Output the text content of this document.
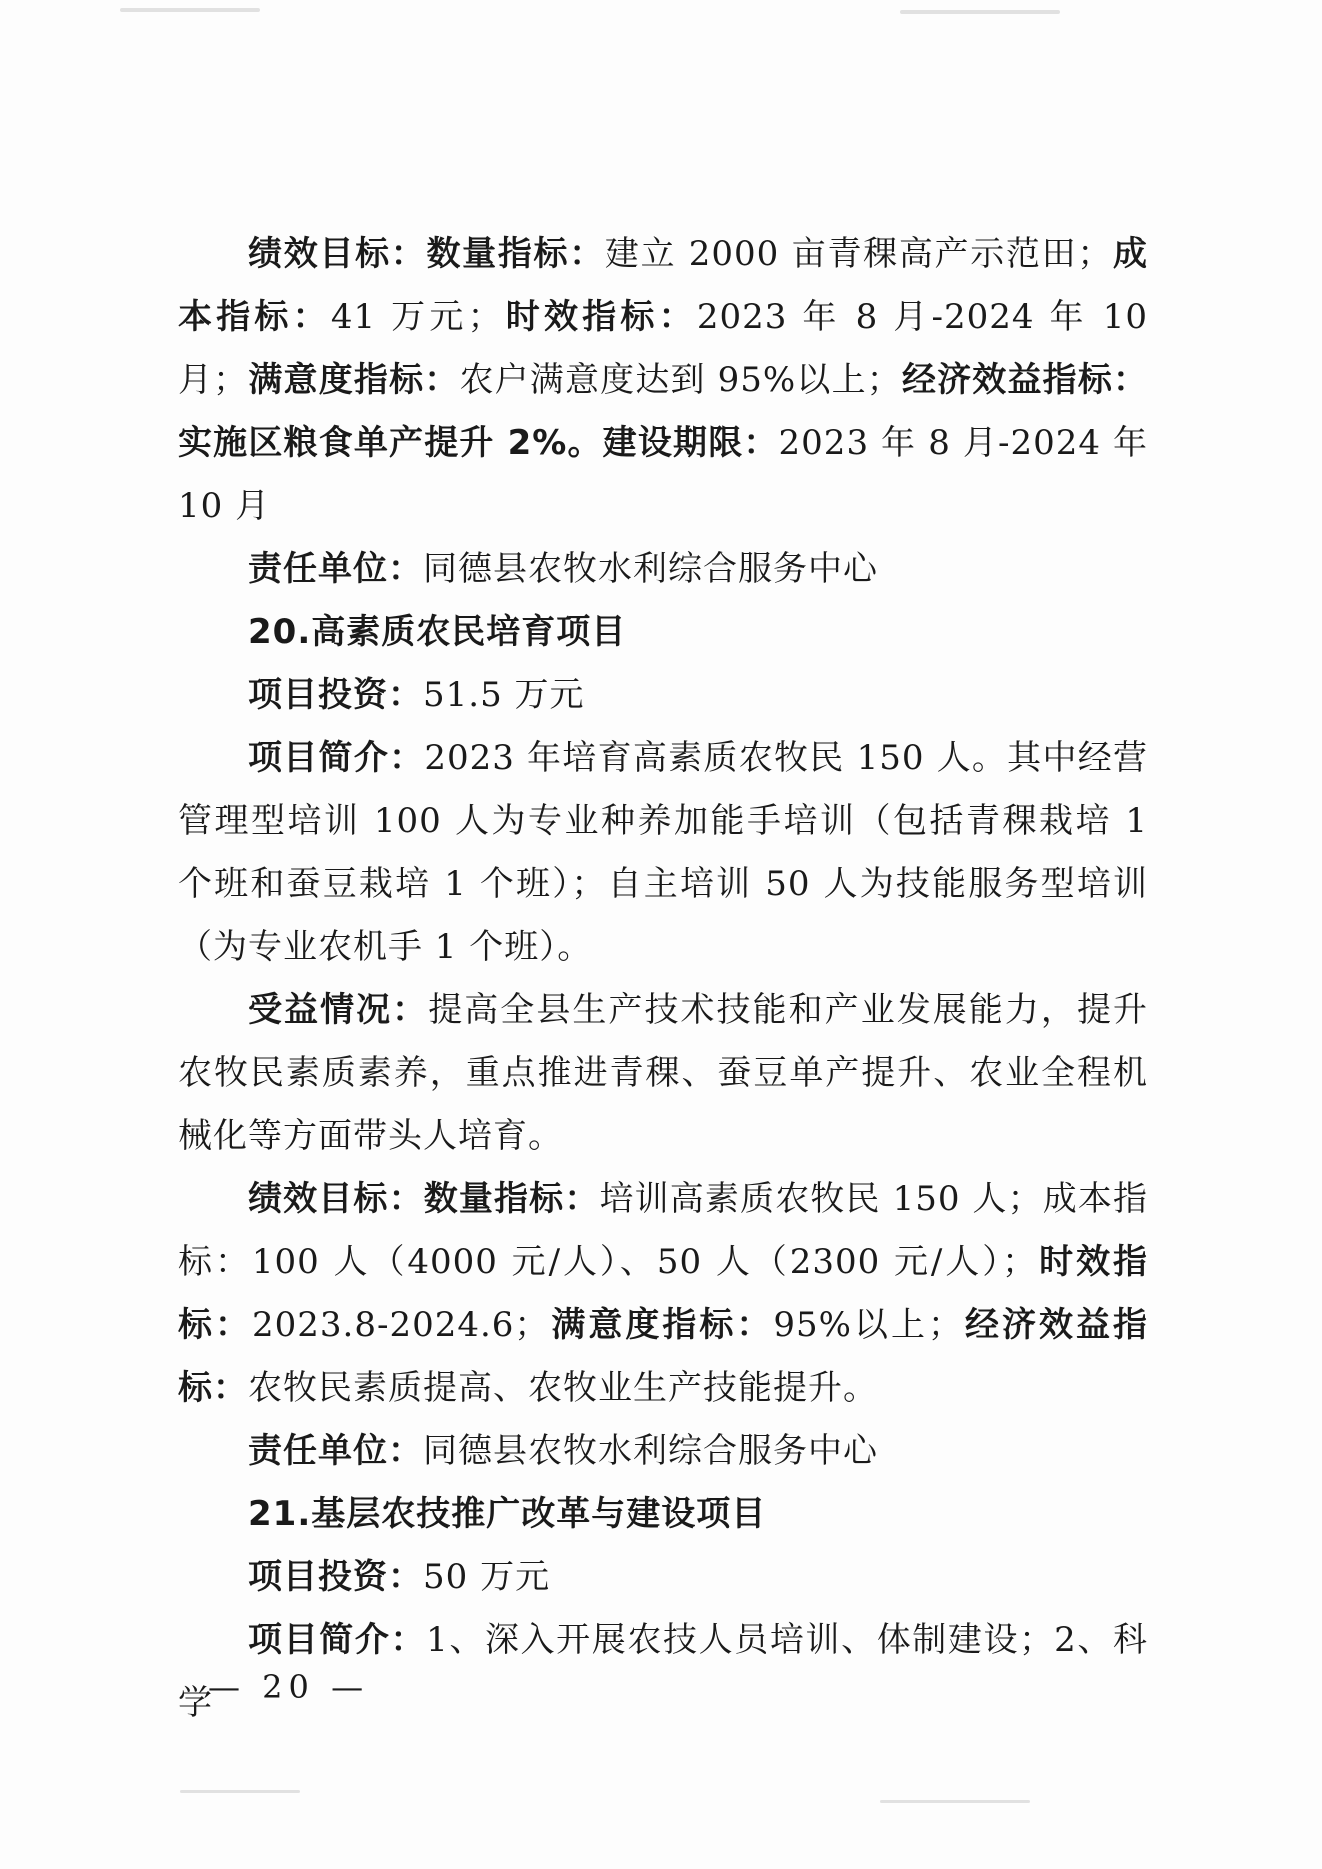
绩效目标：数量指标：建立 2000 亩青稞高产示范田；成本指标：41 万元；时效指标：2023 年 8 月-2024 年 10 月；满意度指标：农户满意度达到 95%以上；经济效益指标：实施区粮食单产提升 2%。建设期限：2023 年 8 月-2024 年 10 月

责任单位：同德县农牧水利综合服务中心

20.高素质农民培育项目

项目投资：51.5 万元

项目简介：2023 年培育高素质农牧民 150 人。其中经营管理型培训 100 人为专业种养加能手培训（包括青稞栽培 1 个班和蚕豆栽培 1 个班）；自主培训 50 人为技能服务型培训（为专业农机手 1 个班）。

受益情况：提高全县生产技术技能和产业发展能力，提升农牧民素质素养，重点推进青稞、蚕豆单产提升、农业全程机械化等方面带头人培育。

绩效目标：数量指标：培训高素质农牧民 150 人；成本指标：100 人（4000 元/人）、50 人（2300 元/人）；时效指标：2023.8-2024.6；满意度指标：95%以上；经济效益指标：农牧民素质提高、农牧业生产技能提升。

责任单位：同德县农牧水利综合服务中心

21.基层农技推广改革与建设项目

项目投资：50 万元

项目简介：1、深入开展农技人员培训、体制建设；2、科学

— 20 —
